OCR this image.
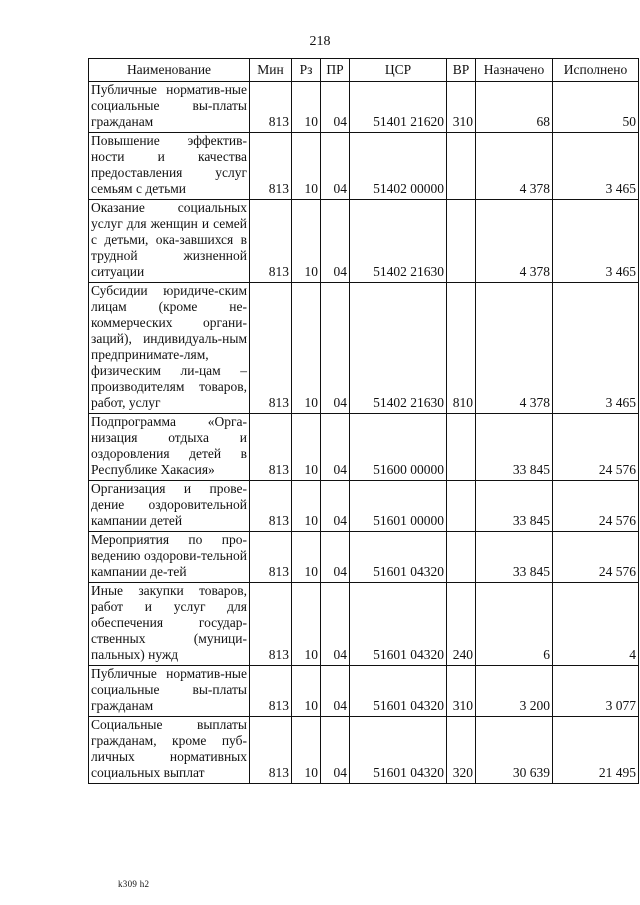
218
Наименование	Мин	Рз	ПР	ЦСР	ВР	Назначено	Исполнено
Публичные норматив-ные социальные вы-платы гражданам	813	10	04	51401 21620	310	68	50
Повышение эффектив-ности и качества предоставления услуг семьям с детьми	813	10	04	51402 00000		4 378	3 465
Оказание социальных услуг для женщин и семей с детьми, ока-завшихся в трудной жизненной ситуации	813	10	04	51402 21630		4 378	3 465
Субсидии юридиче-ским лицам (кроме не-коммерческих органи-заций), индивидуаль-ным предпринимате-лям, физическим ли-цам – производителям товаров, работ, услуг	813	10	04	51402 21630	810	4 378	3 465
Подпрограмма «Орга-низация отдыха и оздоровления детей в Республике Хакасия»	813	10	04	51600 00000		33 845	24 576
Организация и прове-дение оздоровительной кампании детей	813	10	04	51601 00000		33 845	24 576
Мероприятия по про-ведению оздорови-тельной кампании де-тей	813	10	04	51601 04320		33 845	24 576
Иные закупки товаров, работ и услуг для обеспечения государ-ственных (муници-пальных) нужд	813	10	04	51601 04320	240	6	4
Публичные норматив-ные социальные вы-платы гражданам	813	10	04	51601 04320	310	3 200	3 077
Социальные выплаты гражданам, кроме пуб-личных нормативных социальных выплат	813	10	04	51601 04320	320	30 639	21 495
k309 h2
